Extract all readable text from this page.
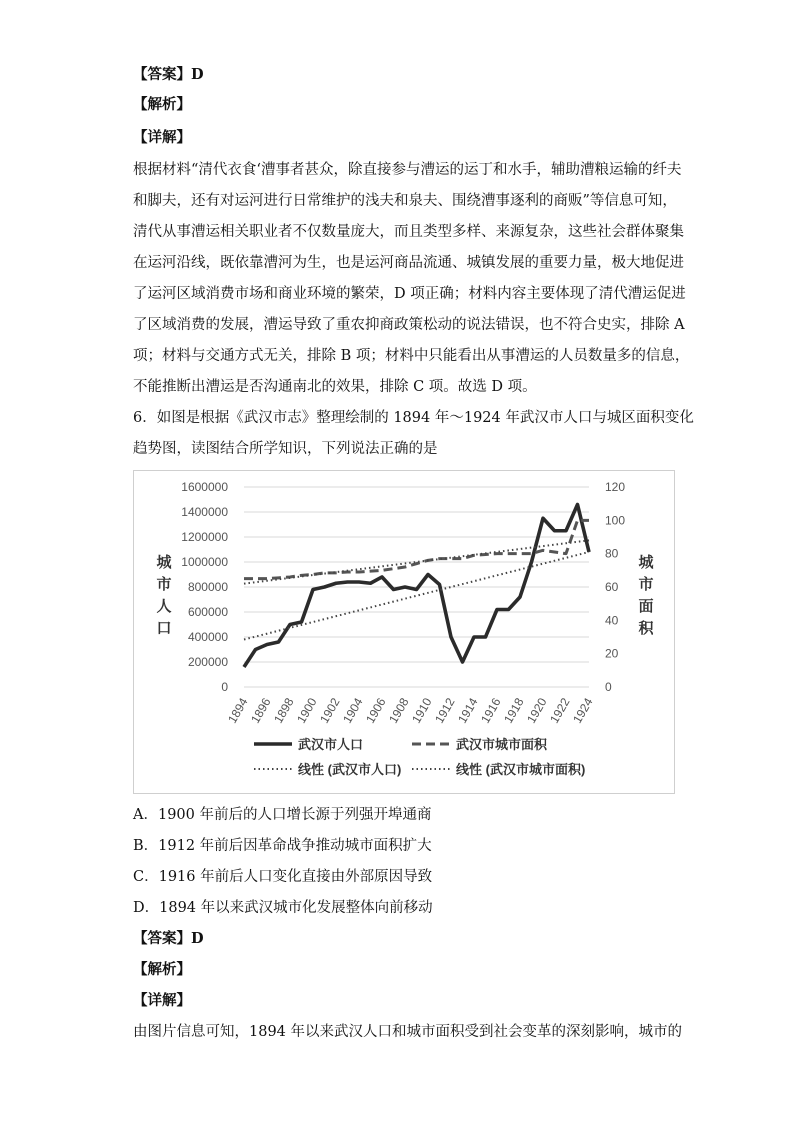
【答案】D
【解析】
【详解】
根据材料“清代衣食‘漕事者甚众，除直接参与漕运的运丁和水手，辅助漕粮运输的纤夫
和脚夫，还有对运河进行日常维护的浅夫和泉夫、围绕漕事逐利的商贩”等信息可知，
清代从事漕运相关职业者不仅数量庞大，而且类型多样、来源复杂，这些社会群体聚集
在运河沿线，既依靠漕河为生，也是运河商品流通、城镇发展的重要力量，极大地促进
了运河区域消费市场和商业环境的繁荣，D 项正确；材料内容主要体现了清代漕运促进
了区域消费的发展，漕运导致了重农抑商政策松动的说法错误，也不符合史实，排除 A
项；材料与交通方式无关，排除 B 项；材料中只能看出从事漕运的人员数量多的信息，
不能推断出漕运是否沟通南北的效果，排除 C 项。故选 D 项。
6．如图是根据《武汉市志》整理绘制的 1894 年～1924 年武汉市人口与城区面积变化
趋势图，读图结合所学知识，下列说法正确的是
0
200000
400000
600000
800000
1000000
1200000
1400000
1600000
0
20
40
60
80
100
120
1894
1896
1898
1900
1902
1904
1906
1908
1910
1912
1914
1916
1918
1920
1922
1924
城
市
人
口
城
市
面
积
武汉市人口	武汉市城市面积
线性 (武汉市人口)	线性 (武汉市城市面积)
A．1900 年前后的人口增长源于列强开埠通商
B．1912 年前后因革命战争推动城市面积扩大
C．1916 年前后人口变化直接由外部原因导致
D．1894 年以来武汉城市化发展整体向前移动
【答案】D
【解析】
【详解】
由图片信息可知，1894 年以来武汉人口和城市面积受到社会变革的深刻影响，城市的
